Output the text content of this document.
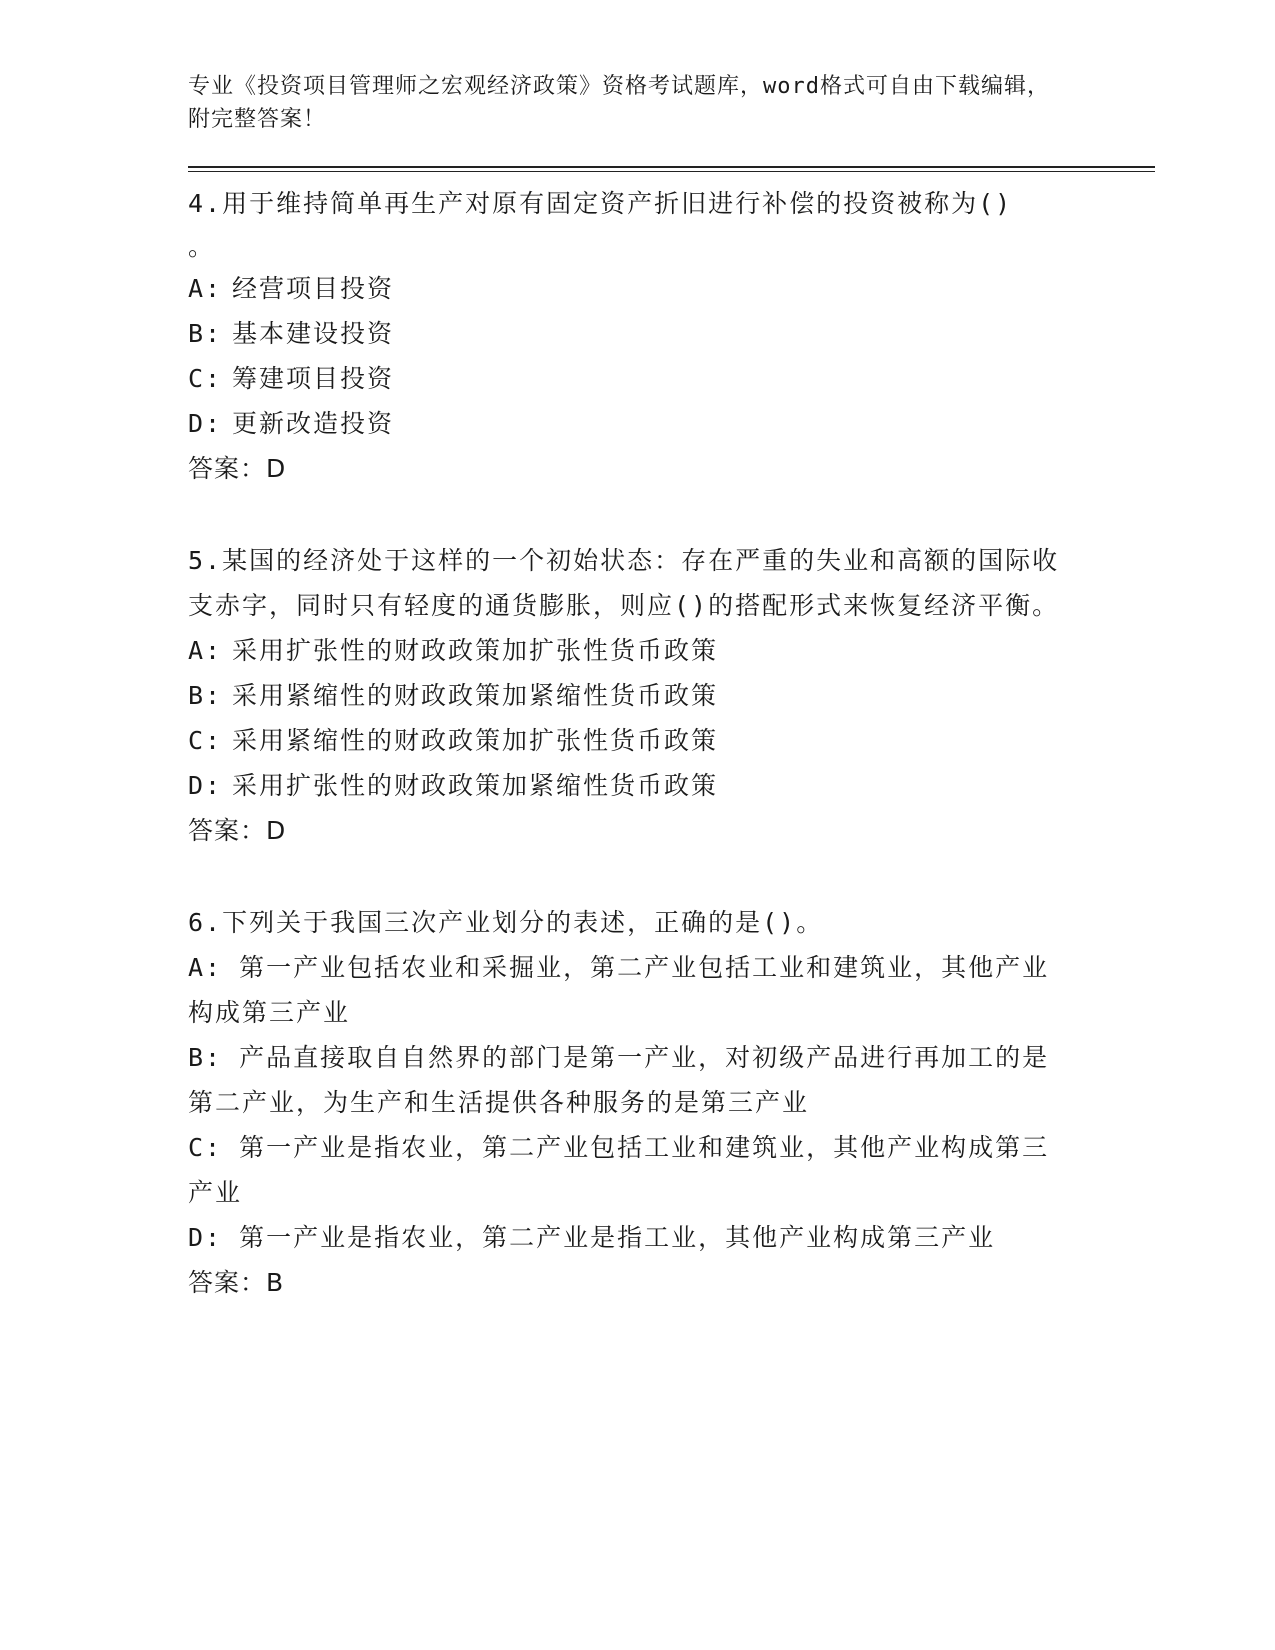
专业《投资项目管理师之宏观经济政策》资格考试题库，word格式可自由下载编辑，附完整答案！

4.用于维持简单再生产对原有固定资产折旧进行补偿的投资被称为()

。

A: 经营项目投资

B: 基本建设投资

C: 筹建项目投资

D: 更新改造投资

答案：D

5.某国的经济处于这样的一个初始状态：存在严重的失业和高额的国际收支赤字，同时只有轻度的通货膨胀，则应()的搭配形式来恢复经济平衡。

A: 采用扩张性的财政政策加扩张性货币政策

B: 采用紧缩性的财政政策加紧缩性货币政策

C: 采用紧缩性的财政政策加扩张性货币政策

D: 采用扩张性的财政政策加紧缩性货币政策

答案：D

6.下列关于我国三次产业划分的表述，正确的是()。

A: 第一产业包括农业和采掘业，第二产业包括工业和建筑业，其他产业构成第三产业

B: 产品直接取自自然界的部门是第一产业，对初级产品进行再加工的是第二产业，为生产和生活提供各种服务的是第三产业

C: 第一产业是指农业，第二产业包括工业和建筑业，其他产业构成第三产业

D: 第一产业是指农业，第二产业是指工业，其他产业构成第三产业

答案：B
